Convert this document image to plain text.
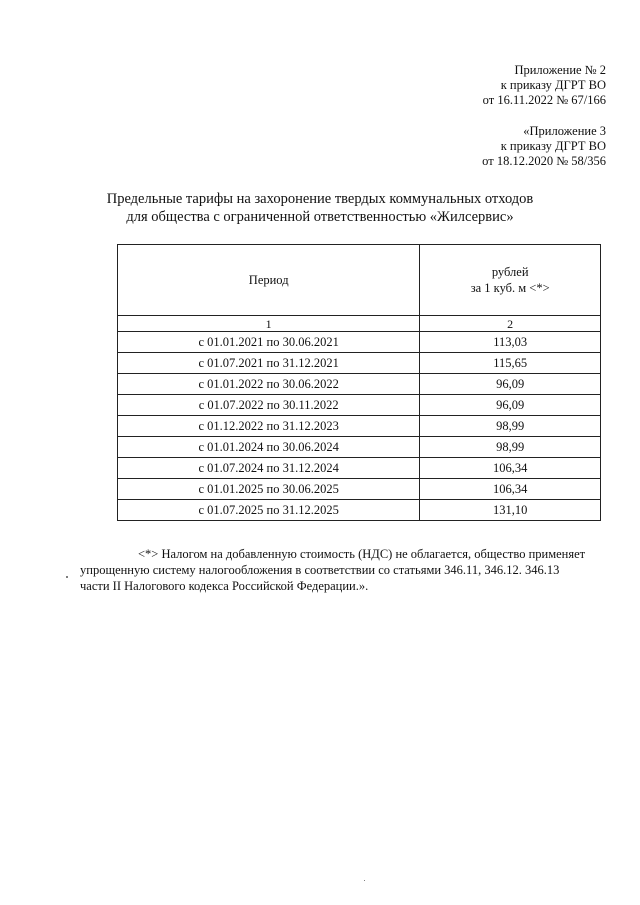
Приложение № 2
к приказу ДГРТ ВО
от 16.11.2022 № 67/166
«Приложение 3
к приказу ДГРТ ВО
от 18.12.2020 № 58/356
Предельные тарифы на захоронение твердых коммунальных отходов
для общества с ограниченной ответственностью «Жилсервис»
Период	рублей
за 1 куб. м <*>

1	2
с 01.01.2021 по 30.06.2021	113,03
с 01.07.2021 по 31.12.2021	115,65
с 01.01.2022 по 30.06.2022	96,09
с 01.07.2022 по 30.11.2022	96,09
с 01.12.2022 по 31.12.2023	98,99
с 01.01.2024 по 30.06.2024	98,99
с 01.07.2024 по 31.12.2024	106,34
с 01.01.2025 по 30.06.2025	106,34
с 01.07.2025 по 31.12.2025	131,10
<*> Налогом на добавленную стоимость (НДС) не облагается, общество применяет
упрощенную систему налогообложения в соответствии со статьями 346.11, 346.12. 346.13
части II Налогового кодекса Российской Федерации.».
